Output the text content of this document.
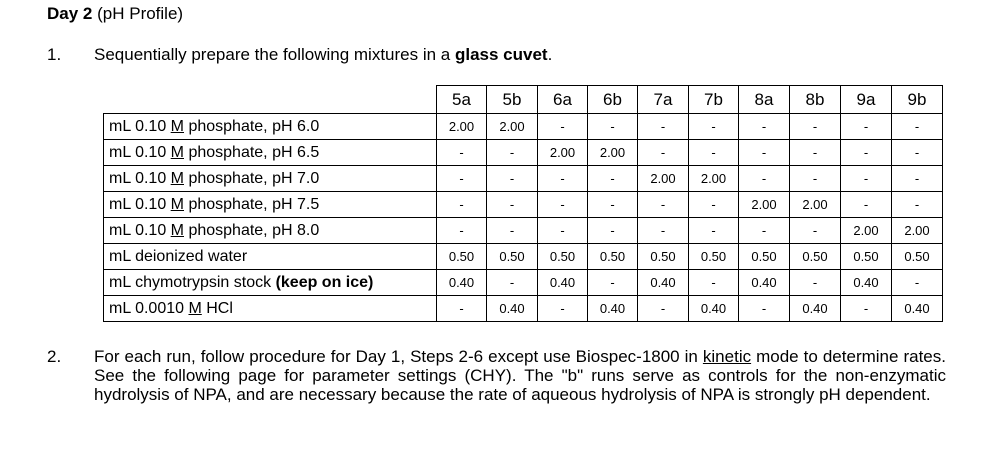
Day 2 (pH Profile)
1. Sequentially prepare the following mixtures in a glass cuvet.
	5a	5b	6a	6b	7a	7b	8a	8b	9a	9b
mL 0.10 M phosphate, pH 6.0	2.00	2.00	-	-	-	-	-	-	-	-
mL 0.10 M phosphate, pH 6.5	-	-	2.00	2.00	-	-	-	-	-	-
mL 0.10 M phosphate, pH 7.0	-	-	-	-	2.00	2.00	-	-	-	-
mL 0.10 M phosphate, pH 7.5	-	-	-	-	-	-	2.00	2.00	-	-
mL 0.10 M phosphate, pH 8.0	-	-	-	-	-	-	-	-	2.00	2.00
mL deionized water	0.50	0.50	0.50	0.50	0.50	0.50	0.50	0.50	0.50	0.50
mL chymotrypsin stock (keep on ice)	0.40	-	0.40	-	0.40	-	0.40	-	0.40	-
mL 0.0010 M HCl	-	0.40	-	0.40	-	0.40	-	0.40	-	0.40
2. For each run, follow procedure for Day 1, Steps 2-6 except use Biospec-1800 in kinetic mode to determine rates. See the following page for parameter settings (CHY). The "b" runs serve as controls for the non-enzymatic hydrolysis of NPA, and are necessary because the rate of aqueous hydrolysis of NPA is strongly pH dependent.
